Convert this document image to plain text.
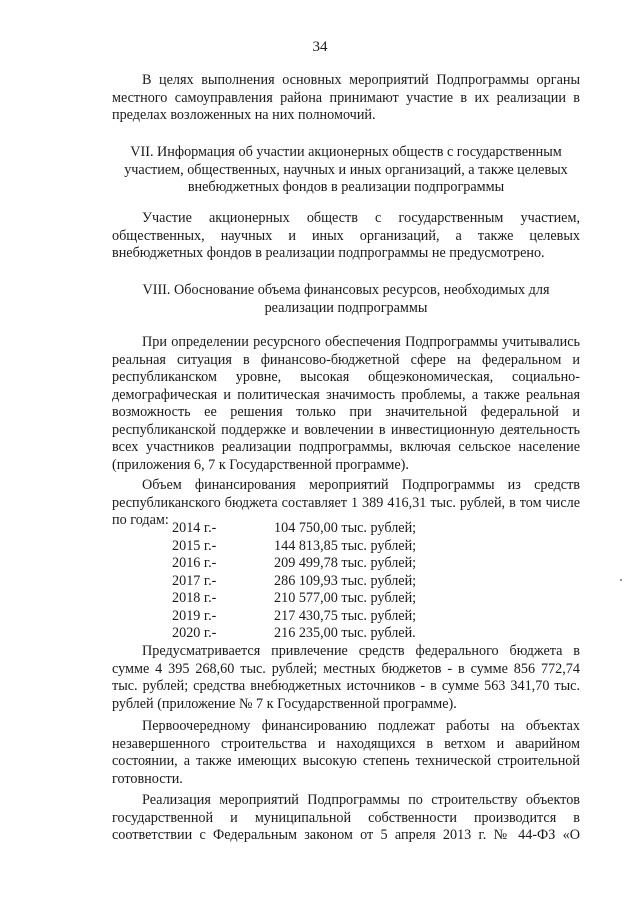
34
В целях выполнения основных мероприятий Подпрограммы органы
местного самоуправления района принимают участие в их реализации в
пределах возложенных на них полномочий.
VII. Информация об участии акционерных обществ с государственным
участием, общественных, научных и иных организаций, а также целевых
внебюджетных фондов в реализации подпрограммы
Участие акционерных обществ с государственным участием,
общественных, научных и иных организаций, а также целевых
внебюджетных фондов в реализации подпрограммы не предусмотрено.
VIII. Обоснование объема финансовых ресурсов, необходимых для
реализации подпрограммы
При определении ресурсного обеспечения Подпрограммы учитывались
реальная ситуация в финансово-бюджетной сфере на федеральном и
республиканском уровне, высокая общеэкономическая, социально-
демографическая и политическая значимость проблемы, а также реальная
возможность ее решения только при значительной федеральной и
республиканской поддержке и вовлечении в инвестиционную деятельность
всех участников реализации подпрограммы, включая сельское население
(приложения 6, 7 к Государственной программе).
Объем финансирования мероприятий Подпрограммы из средств
республиканского бюджета составляет 1 389 416,31 тыс. рублей, в том числе
по годам: 2014 г.-	104 750,00 тыс. рублей;
2015 г.-	144 813,85 тыс. рублей;
2016 г.-	209 499,78 тыс. рублей;
2017 г.-	286 109,93 тыс. рублей;
2018 г.-	210 577,00 тыс. рублей;
2019 г.-	217 430,75 тыс. рублей;
2020 г.-	216 235,00 тыс. рублей.
Предусматривается привлечение средств федерального бюджета в
сумме 4 395 268,60 тыс. рублей; местных бюджетов - в сумме 856 772,74
тыс. рублей; средства внебюджетных источников - в сумме 563 341,70 тыс.
рублей (приложение № 7 к Государственной программе).
Первоочередному финансированию подлежат работы на объектах
незавершенного строительства и находящихся в ветхом и аварийном
состоянии, а также имеющих высокую степень технической строительной
готовности.
Реализация мероприятий Подпрограммы по строительству объектов
государственной и муниципальной собственности производится в
соответствии с Федеральным законом от 5 апреля 2013 г. № 44-ФЗ «О
